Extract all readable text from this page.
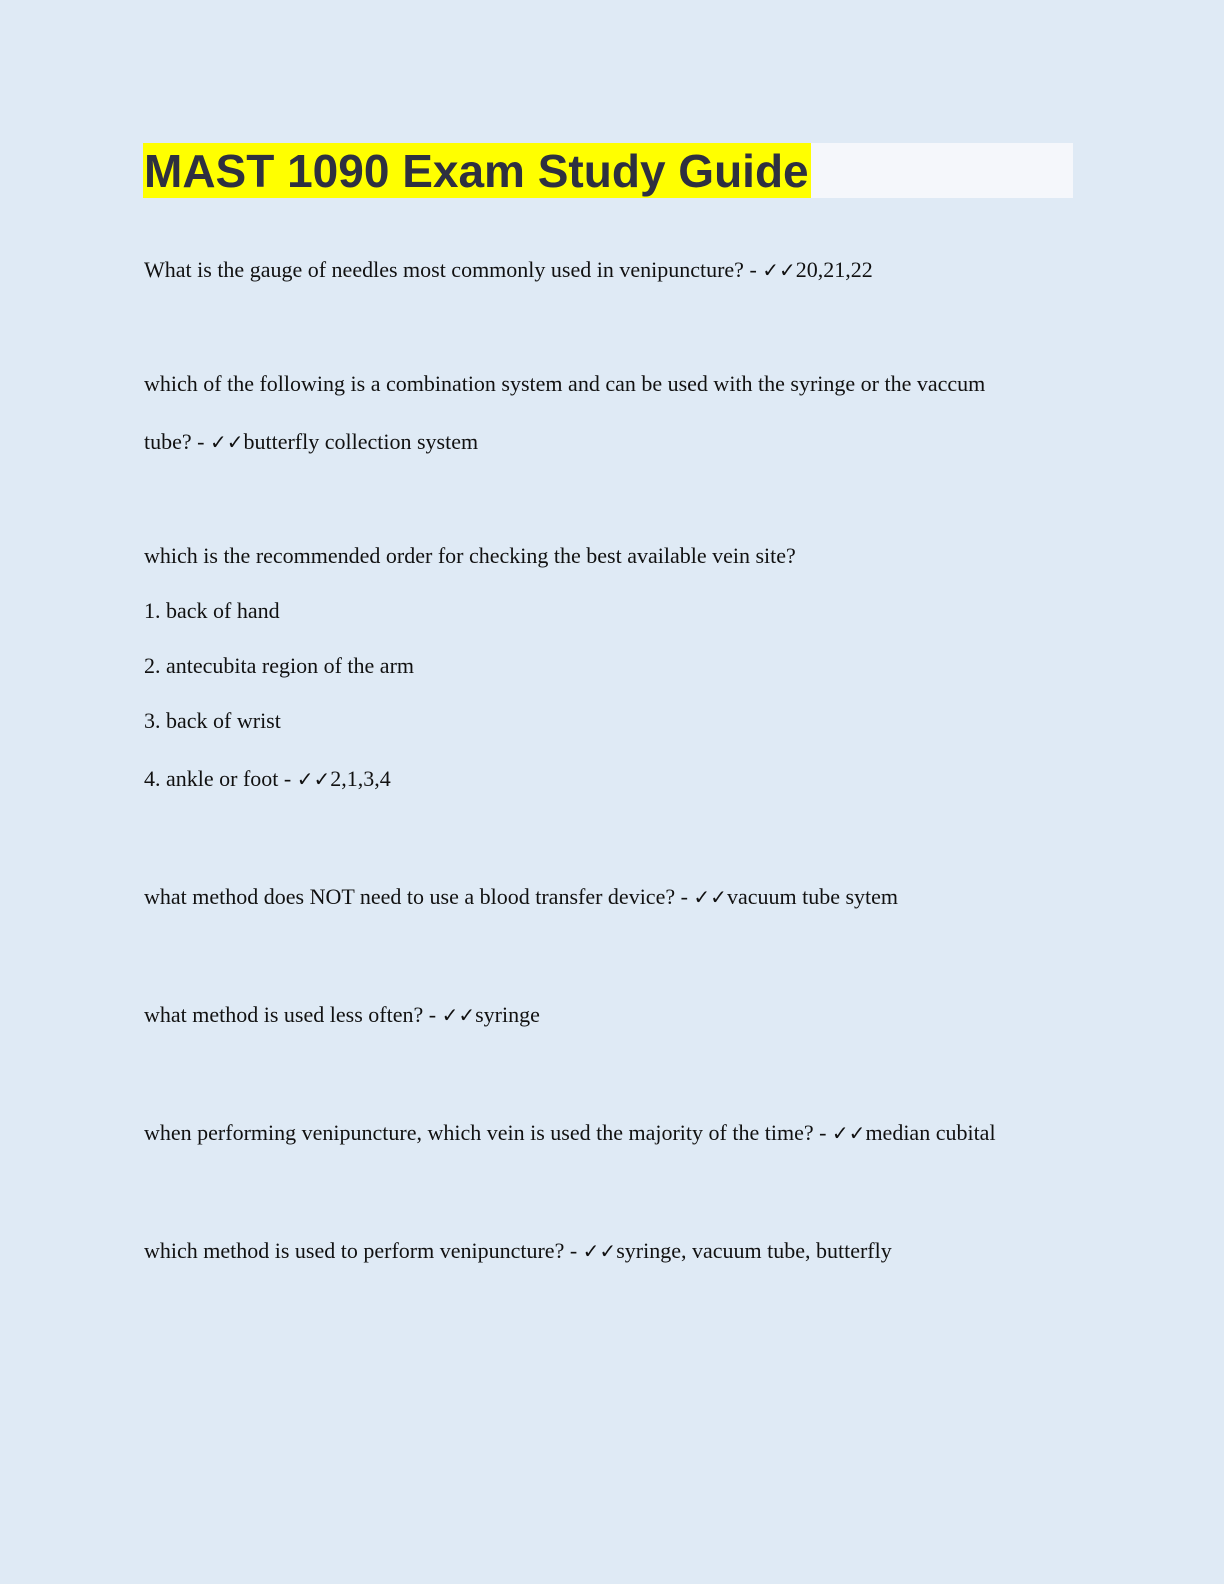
MAST 1090 Exam Study Guide
What is the gauge of needles most commonly used in venipuncture? - ✓✓20,21,22
which of the following is a combination system and can be used with the syringe or the vaccum
tube? - ✓✓butterfly collection system
which is the recommended order for checking the best available vein site?
1. back of hand
2. antecubita region of the arm
3. back of wrist
4. ankle or foot - ✓✓2,1,3,4
what method does NOT need to use a blood transfer device? - ✓✓vacuum tube sytem
what method is used less often? - ✓✓syringe
when performing venipuncture, which vein is used the majority of the time? - ✓✓median cubital
which method is used to perform venipuncture? - ✓✓syringe, vacuum tube, butterfly
